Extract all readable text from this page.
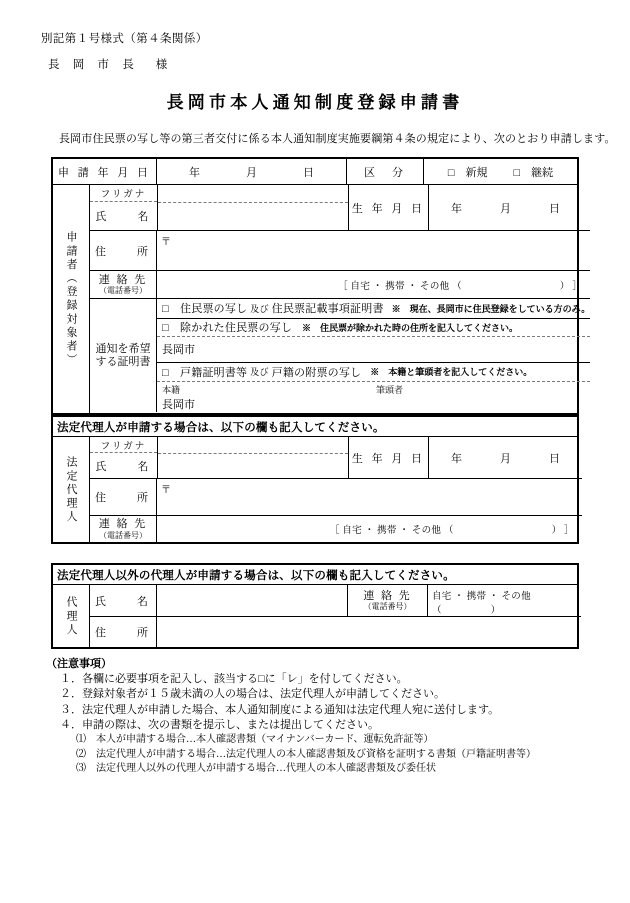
別記第１号様式（第４条関係）
長 岡 市 長　様
長岡市本人通知制度登録申請書
長岡市住民票の写し等の第三者交付に係る本人通知制度実施要綱第４条の規定により、次のとおり申請します。
申 請 年 月 日	年	月	日	区　分	□　新規 □　継続
申請者（登録対象者）
フリガナ
氏　　名
生 年 月 日	年	月	日
住　　所
〒
連 絡 先
（電話番号）	［ 自宅 ・ 携帯 ・ その他 （　　　　　　　　　　） ］
通知を希望
する証明書
□　住民票の写し 及び 住民票記載事項証明書 ※　現在、長岡市に住民登録をしている方のみ。
□　除かれた住民票の写し	※　住民票が除かれた時の住所を記入してください。
長岡市
□　戸籍証明書等 及び 戸籍の附票の写し	※　本籍と筆頭者を記入してください。
本籍	筆頭者
長岡市
法定代理人が申請する場合は、以下の欄も記入してください。
法定代理人
フリガナ
氏　　名
生 年 月 日	年	月	日
住　　所
〒
連 絡 先
（電話番号）	［ 自宅 ・ 携帯 ・ その他 （　　　　　　　　　　） ］
法定代理人以外の代理人が申請する場合は、以下の欄も記入してください。
代理人	氏　　名	連 絡 先
（電話番号）
自宅 ・ 携帯 ・ その他 （　　　　　）
住　　所
（注意事項）
１．各欄に必要事項を記入し、該当する□に「レ」を付してください。
２．登録対象者が１５歳未満の人の場合は、法定代理人が申請してください。
３．法定代理人が申請した場合、本人通知制度による通知は法定代理人宛に送付します。
４．申請の際は、次の書類を提示し、または提出してください。
⑴　本人が申請する場合…本人確認書類（マイナンバーカード、運転免許証等）
⑵　法定代理人が申請する場合…法定代理人の本人確認書類及び資格を証明する書類（戸籍証明書等）
⑶　法定代理人以外の代理人が申請する場合…代理人の本人確認書類及び委任状
